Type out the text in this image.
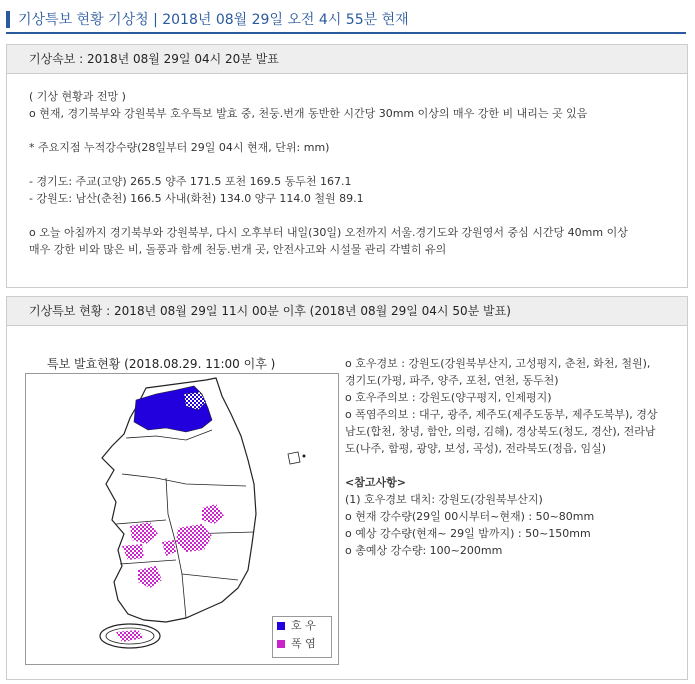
기상특보 현황 기상청 | 2018년 08월 29일 오전 4시 55분 현재
기상속보 : 2018년 08월 29일 04시 20분 발표
( 기상 현황과 전망 )
o 현재, 경기북부와 강원북부 호우특보 발효 중, 천둥.번개 동반한 시간당 30mm 이상의 매우 강한 비 내리는 곳 있음
* 주요지점 누적강수량(28일부터 29일 04시 현재, 단위: mm)
- 경기도: 주교(고양) 265.5 양주 171.5 포천 169.5 동두천 167.1
- 강원도: 남산(춘천) 166.5 사내(화천) 134.0 양구 114.0 철원 89.1
o 오늘 아침까지 경기북부와 강원북부, 다시 오후부터 내일(30일) 오전까지 서울.경기도와 강원영서 중심 시간당 40mm 이상
매우 강한 비와 많은 비, 돌풍과 함께 천둥.번개 곳, 안전사고와 시설물 관리 각별히 유의
기상특보 현황 : 2018년 08월 29일 11시 00분 이후 (2018년 08월 29일 04시 50분 발표)
특보 발효현황 (2018.08.29. 11:00 이후 )
호 우
폭 염
o 호우경보 : 강원도(강원북부산지, 고성평지, 춘천, 화천, 철원),
경기도(가평, 파주, 양주, 포천, 연천, 동두천)
o 호우주의보 : 강원도(양구평지, 인제평지)
o 폭염주의보 : 대구, 광주, 제주도(제주도동부, 제주도북부), 경상
남도(합천, 창녕, 함안, 의령, 김해), 경상북도(청도, 경산), 전라남
도(나주, 함평, 광양, 보성, 곡성), 전라북도(정읍, 임실)
<참고사항>
(1) 호우경보 대치: 강원도(강원북부산지)
o 현재 강수량(29일 00시부터~현재) : 50~80mm
o 예상 강수량(현재~ 29일 밤까지) : 50~150mm
o 총예상 강수량: 100~200mm
